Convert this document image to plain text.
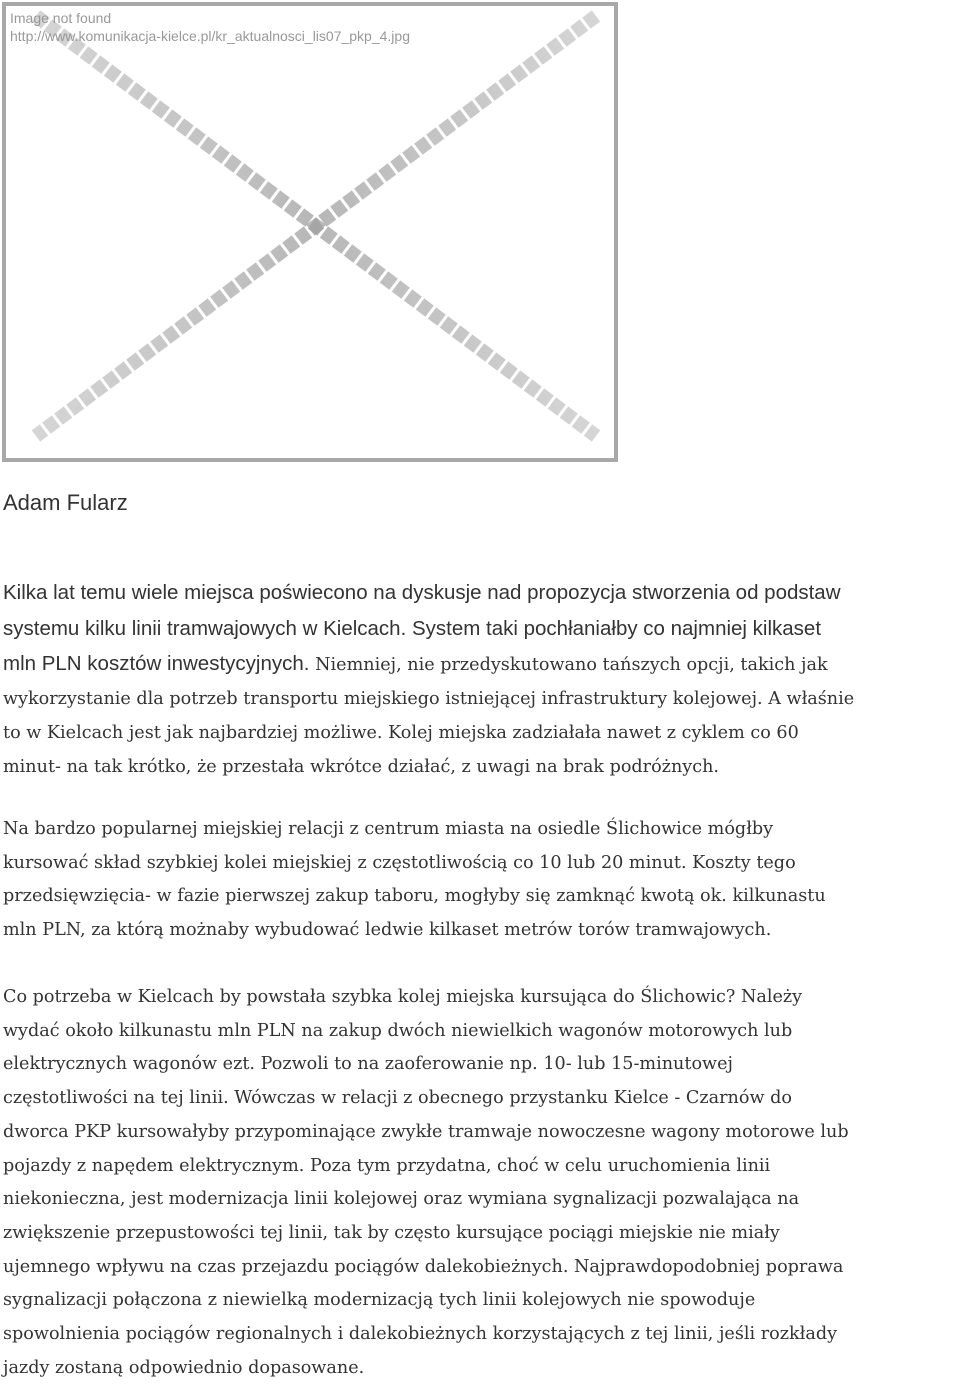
Image not found
http://www.komunikacja-kielce.pl/kr_aktualnosci_lis07_pkp_4.jpg
Adam Fularz
Kilka lat temu wiele miejsca poświecono na dyskusje nad propozycja stworzenia od podstaw
systemu kilku linii tramwajowych w Kielcach. System taki pochłaniałby co najmniej kilkaset
mln PLN kosztów inwestycyjnych. Niemniej, nie przedyskutowano tańszych opcji, takich jak
wykorzystanie dla potrzeb transportu miejskiego istniejącej infrastruktury kolejowej. A właśnie
to w Kielcach jest jak najbardziej możliwe. Kolej miejska zadziałała nawet z cyklem co 60
minut- na tak krótko, że przestała wkrótce działać, z uwagi na brak podróżnych.
Na bardzo popularnej miejskiej relacji z centrum miasta na osiedle Ślichowice mógłby
kursować skład szybkiej kolei miejskiej z częstotliwością co 10 lub 20 minut. Koszty tego
przedsięwzięcia- w fazie pierwszej zakup taboru, mogłyby się zamknąć kwotą ok. kilkunastu
mln PLN, za którą możnaby wybudować ledwie kilkaset metrów torów tramwajowych.
Co potrzeba w Kielcach by powstała szybka kolej miejska kursująca do Ślichowic? Należy
wydać około kilkunastu mln PLN na zakup dwóch niewielkich wagonów motorowych lub
elektrycznych wagonów ezt. Pozwoli to na zaoferowanie np. 10- lub 15-minutowej
częstotliwości na tej linii. Wówczas w relacji z obecnego przystanku Kielce - Czarnów do
dworca PKP kursowałyby przypominające zwykłe tramwaje nowoczesne wagony motorowe lub
pojazdy z napędem elektrycznym. Poza tym przydatna, choć w celu uruchomienia linii
niekonieczna, jest modernizacja linii kolejowej oraz wymiana sygnalizacji pozwalająca na
zwiększenie przepustowości tej linii, tak by często kursujące pociągi miejskie nie miały
ujemnego wpływu na czas przejazdu pociągów dalekobieżnych. Najprawdopodobniej poprawa
sygnalizacji połączona z niewielką modernizacją tych linii kolejowych nie spowoduje
spowolnienia pociągów regionalnych i dalekobieżnych korzystających z tej linii, jeśli rozkłady
jazdy zostaną odpowiednio dopasowane.
